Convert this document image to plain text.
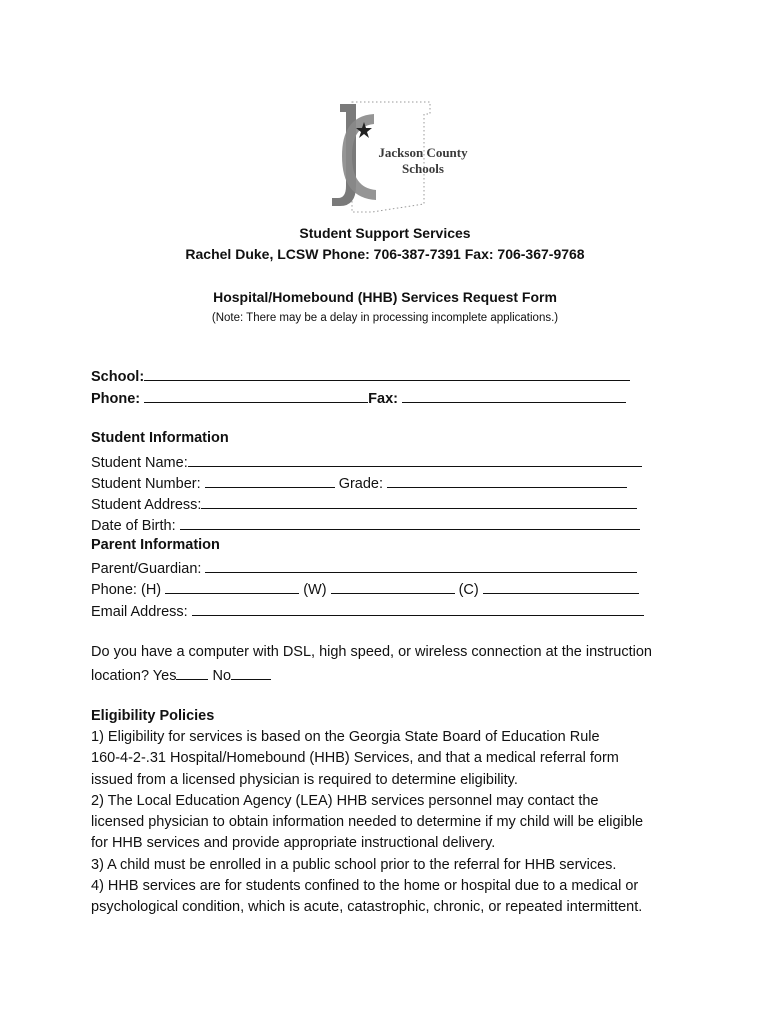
Jackson County
Schools
Student Support Services
Rachel Duke, LCSW Phone: 706-387-7391 Fax: 706-367-9768
Hospital/Homebound (HHB) Services Request Form
(Note: There may be a delay in processing incomplete applications.)
School:
Phone:	Fax:
Student Information
Student Name:
Student Number:	Grade:
Student Address:
Date of Birth:
Parent Information
Parent/Guardian:
Phone: (H)	(W)	(C)
Email Address:
Do you have a computer with DSL, high speed, or wireless connection at the instruction
location? Yes No
Eligibility Policies
1) Eligibility for services is based on the Georgia State Board of Education Rule
160-4-2-.31 Hospital/Homebound (HHB) Services, and that a medical referral form
issued from a licensed physician is required to determine eligibility.
2) The Local Education Agency (LEA) HHB services personnel may contact the
licensed physician to obtain information needed to determine if my child will be eligible
for HHB services and provide appropriate instructional delivery.
3) A child must be enrolled in a public school prior to the referral for HHB services.
4) HHB services are for students confined to the home or hospital due to a medical or
psychological condition, which is acute, catastrophic, chronic, or repeated intermittent.
